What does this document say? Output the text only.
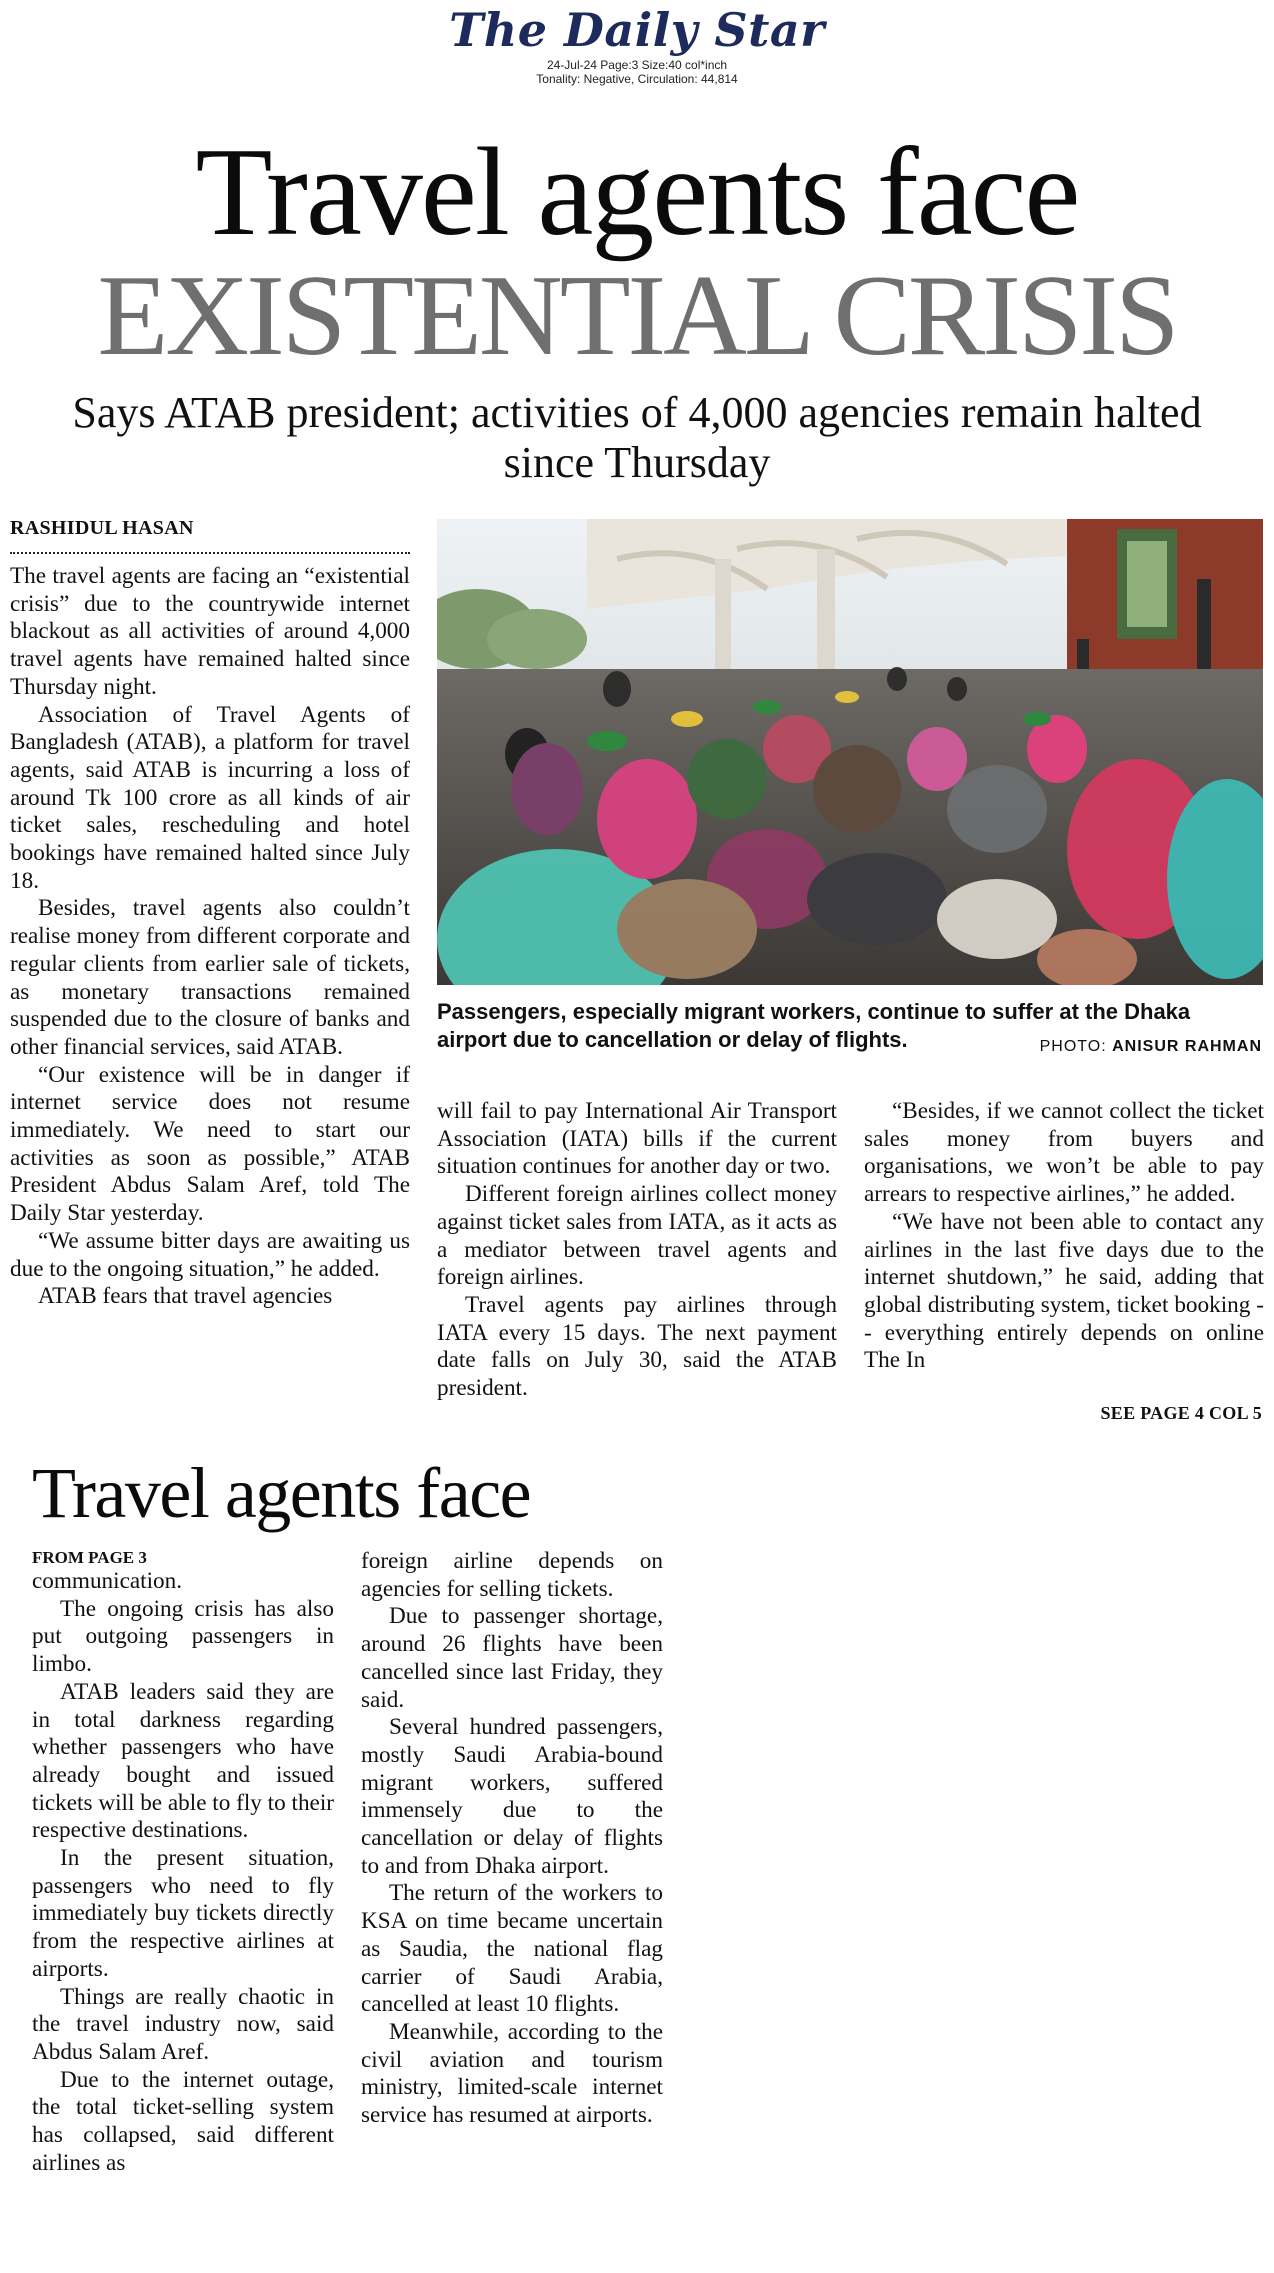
The Daily Star
24-Jul-24 Page:3 Size:40 col*inch
Tonality: Negative, Circulation: 44,814
Travel agents face
EXISTENTIAL CRISIS
Says ATAB president; activities of 4,000 agencies remain halted since Thursday
RASHIDUL HASAN

The travel agents are facing an “existential crisis” due to the countrywide internet blackout as all activities of around 4,000 travel agents have remained halted since Thursday night.

Association of Travel Agents of Bangladesh (ATAB), a platform for travel agents, said ATAB is incurring a loss of around Tk 100 crore as all kinds of air ticket sales, rescheduling and hotel bookings have remained halted since July 18.

Besides, travel agents also couldn’t realise money from different corporate and regular clients from earlier sale of tickets, as monetary transactions remained suspended due to the closure of banks and other financial services, said ATAB.

“Our existence will be in danger if internet service does not resume immediately. We need to start our activities as soon as possible,” ATAB President Abdus Salam Aref, told The Daily Star yesterday.

“We assume bitter days are awaiting us due to the ongoing situation,” he added.

ATAB fears that travel agencies

Passengers, especially migrant workers, continue to suffer at the Dhaka airport due to cancellation or delay of flights.	PHOTO: ANISUR RAHMAN

will fail to pay International Air Transport Association (IATA) bills if the current situation continues for another day or two.

Different foreign airlines collect money against ticket sales from IATA, as it acts as a mediator between travel agents and foreign airlines.

Travel agents pay airlines through IATA every 15 days. The next payment date falls on July 30, said the ATAB president.

“Besides, if we cannot collect the ticket sales money from buyers and organisations, we won’t be able to pay arrears to respective airlines,” he added.

“We have not been able to contact any airlines in the last five days due to the internet shutdown,” he said, adding that global distributing system, ticket booking -- everything entirely depends on online The In

SEE PAGE 4 COL 5
Travel agents face
FROM PAGE 3

communication.

The ongoing crisis has also put outgoing passengers in limbo.

ATAB leaders said they are in total darkness regarding whether passengers who have already bought and issued tickets will be able to fly to their respective destinations.

In the present situation, passengers who need to fly immediately buy tickets directly from the respective airlines at airports.

Things are really chaotic in the travel industry now, said Abdus Salam Aref.

Due to the internet outage, the total ticket-selling system has collapsed, said different airlines as

foreign airline depends on agencies for selling tickets.

Due to passenger shortage, around 26 flights have been cancelled since last Friday, they said.

Several hundred passengers, mostly Saudi Arabia-bound migrant workers, suffered immensely due to the cancellation or delay of flights to and from Dhaka airport.

The return of the workers to KSA on time became uncertain as Saudia, the national flag carrier of Saudi Arabia, cancelled at least 10 flights.

Meanwhile, according to the civil aviation and tourism ministry, limited-scale internet service has resumed at airports.
